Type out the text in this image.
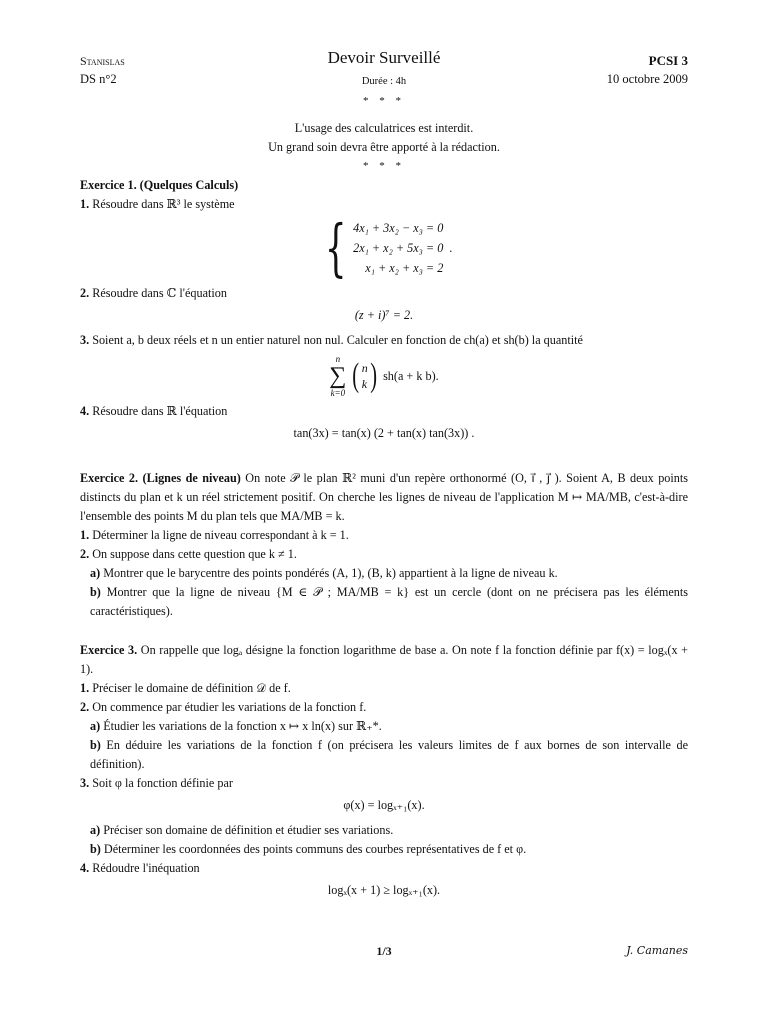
Stanislas
DS n°2
Devoir Surveillé
Durée : 4h
PCSI 3
10 octobre 2009
* * *
L'usage des calculatrices est interdit.
Un grand soin devra être apporté à la rédaction.
* * *
Exercice 1. (Quelques Calculs)
1. Résoudre dans ℝ³ le système
{ 4x₁ + 3x₂ − x₃ = 0
2x₁ + x₂ + 5x₃ = 0
x₁ + x₂ + x₃ = 2
.
2. Résoudre dans ℂ l'équation
(z + i)⁷ = 2.
3. Soient a, b deux réels et n un entier naturel non nul. Calculer en fonction de ch(a) et sh(b) la quantité
n
∑
k=0 ( n
k ) sh(a + k b).
4. Résoudre dans ℝ l'équation
tan(3x) = tan(x) (2 + tan(x) tan(3x)) .

Exercice 2. (Lignes de niveau) On note 𝒫 le plan ℝ² muni d'un repère orthonormé (O, i⃗ , j⃗ ). Soient A, B deux points distincts du plan et k un réel strictement positif. On cherche les lignes de niveau de l'application M ↦ MA/MB, c'est-à-dire l'ensemble des points M du plan tels que MA/MB = k.

1. Déterminer la ligne de niveau correspondant à k = 1.
2. On suppose dans cette question que k ≠ 1.

a) Montrer que le barycentre des points pondérés (A, 1), (B, k) appartient à la ligne de niveau k.

b) Montrer que la ligne de niveau {M ∈ 𝒫 ; MA/MB = k} est un cercle (dont on ne précisera pas les éléments caractéristiques).

Exercice 3. On rappelle que logₐ désigne la fonction logarithme de base a. On note f la fonction définie par f(x) = logₓ(x + 1).

1. Préciser le domaine de définition 𝒟 de f.
2. On commence par étudier les variations de la fonction f.

a) Étudier les variations de la fonction x ↦ x ln(x) sur ℝ₊*.

b) En déduire les variations de la fonction f (on précisera les valeurs limites de f aux bornes de son intervalle de définition).

3. Soit φ la fonction définie par
φ(x) = logₓ₊₁(x).

a) Préciser son domaine de définition et étudier ses variations.

b) Déterminer les coordonnées des points communs des courbes représentatives de f et φ.

4. Rédoudre l'inéquation
logₓ(x + 1) ≥ logₓ₊₁(x).
1/3	J. Camanes
